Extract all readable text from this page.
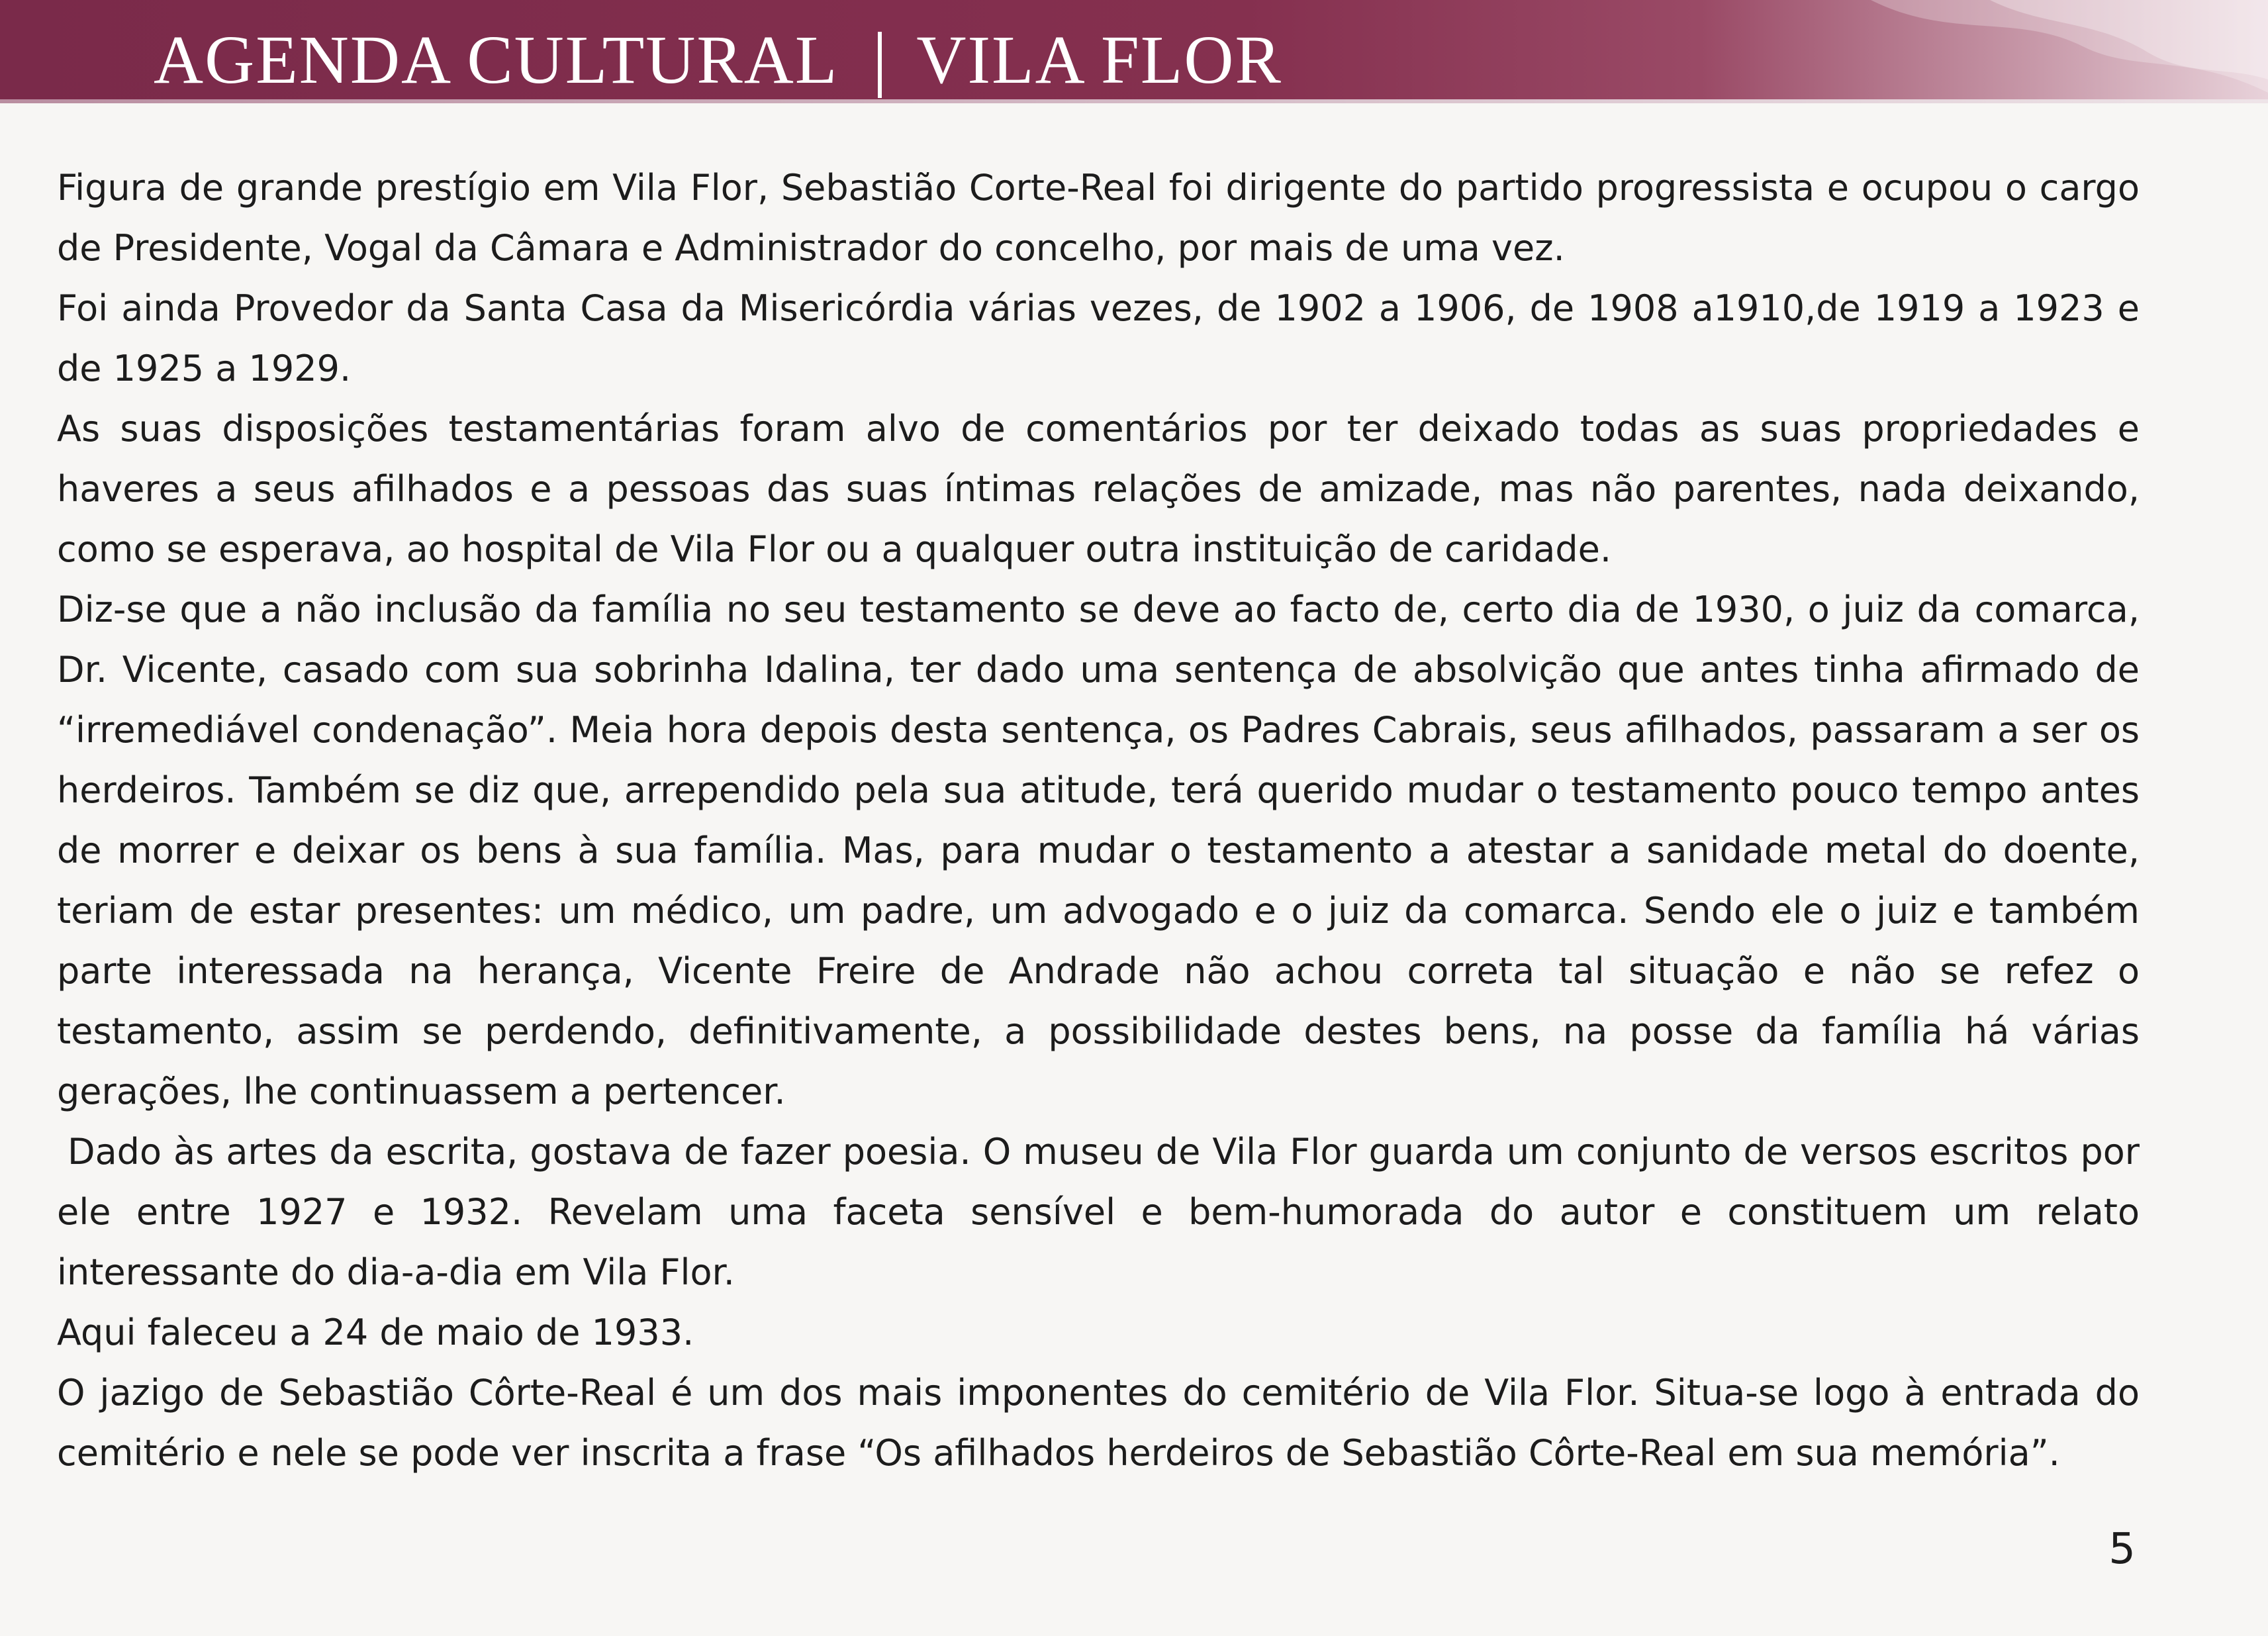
AGENDA CULTURAL VILA FLOR

Figura de grande prestígio em Vila Flor, Sebastião Corte-Real foi dirigente do partido progressista e ocupou o cargo de Presidente, Vogal da Câmara e Administrador do concelho, por mais de uma vez.

Foi ainda Provedor da Santa Casa da Misericórdia várias vezes, de 1902 a 1906, de 1908 a1910,de 1919 a 1923 e de 1925 a 1929.

As suas disposições testamentárias foram alvo de comentários por ter deixado todas as suas propriedades e haveres a seus afilhados e a pessoas das suas íntimas relações de amizade, mas não parentes, nada deixando, como se esperava, ao hospital de Vila Flor ou a qualquer outra instituição de caridade.

Diz-se que a não inclusão da família no seu testamento se deve ao facto de, certo dia de 1930, o juiz da comarca, Dr. Vicente, casado com sua sobrinha Idalina, ter dado uma sentença de absolvição que antes tinha afirmado de “irremediável condenação”. Meia hora depois desta sentença, os Padres Cabrais, seus afilhados, passaram a ser os herdeiros. Também se diz que, arrependido pela sua atitude, terá querido mudar o testamento pouco tempo antes de morrer e deixar os bens à sua família. Mas, para mudar o testamento a atestar a sanidade metal do doente, teriam de estar presentes: um médico, um padre, um advogado e o juiz da comarca. Sendo ele o juiz e também parte interessada na herança, Vicente Freire de Andrade não achou correta tal situação e não se refez o testamento, assim se perdendo, definitivamente, a possibilidade destes bens, na posse da família há várias gerações, lhe continuassem a pertencer.

Dado às artes da escrita, gostava de fazer poesia. O museu de Vila Flor guarda um conjunto de versos escritos por ele entre 1927 e 1932. Revelam uma faceta sensível e bem-humorada do autor e constituem um relato interessante do dia-a-dia em Vila Flor.

Aqui faleceu a 24 de maio de 1933.

O jazigo de Sebastião Côrte-Real é um dos mais imponentes do cemitério de Vila Flor. Situa-se logo à entrada do cemitério e nele se pode ver inscrita a frase “Os afilhados herdeiros de Sebastião Côrte-Real em sua memória”.

5
